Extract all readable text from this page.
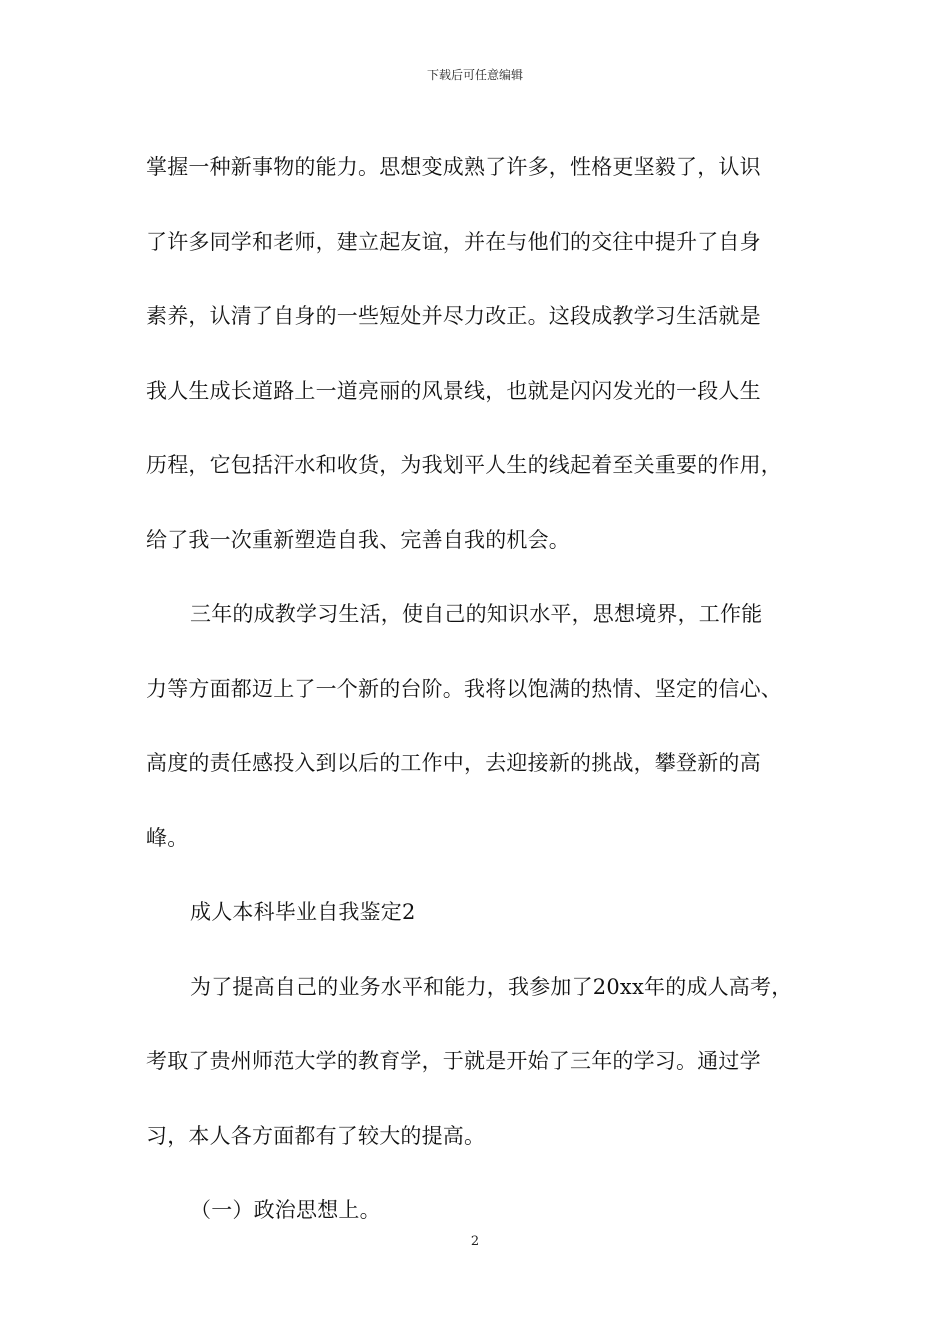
下载后可任意编辑
掌握一种新事物的能力。思想变成熟了许多，性格更坚毅了，认识
了许多同学和老师，建立起友谊，并在与他们的交往中提升了自身
素养，认清了自身的一些短处并尽力改正。这段成教学习生活就是
我人生成长道路上一道亮丽的风景线，也就是闪闪发光的一段人生
历程，它包括汗水和收货，为我划平人生的线起着至关重要的作用，
给了我一次重新塑造自我、完善自我的机会。
三年的成教学习生活，使自己的知识水平，思想境界，工作能
力等方面都迈上了一个新的台阶。我将以饱满的热情、坚定的信心、
高度的责任感投入到以后的工作中，去迎接新的挑战，攀登新的高
峰。
成人本科毕业自我鉴定2
为了提高自己的业务水平和能力，我参加了20xx年的成人高考，
考取了贵州师范大学的教育学，于就是开始了三年的学习。通过学
习，本人各方面都有了较大的提高。
（一）政治思想上。
2
